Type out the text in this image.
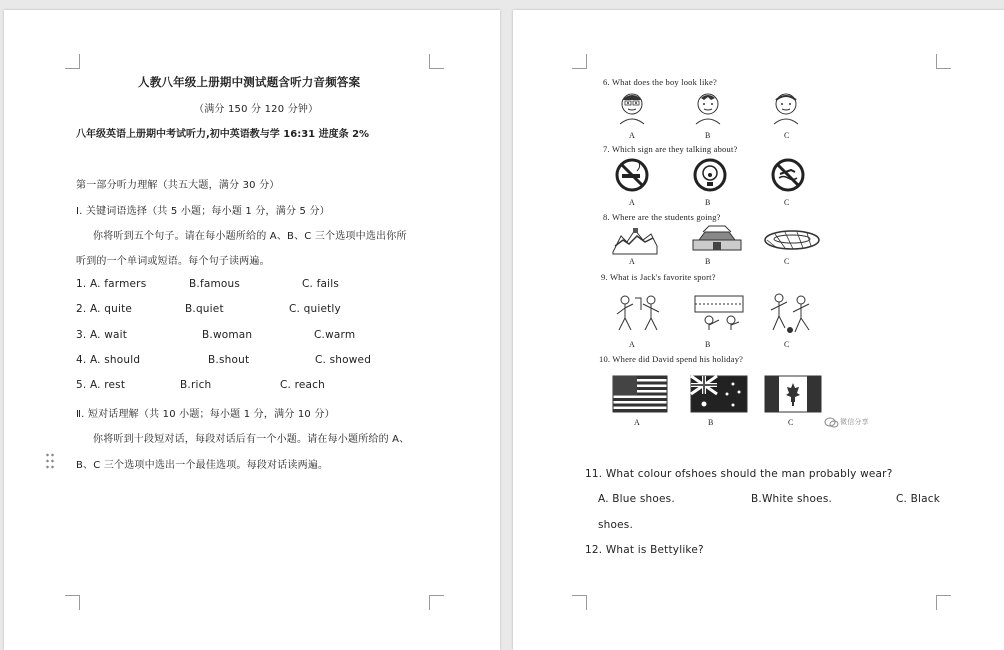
人教八年级上册期中测试题含听力音频答案
（满分 150 分 120 分钟）
八年级英语上册期中考试听力,初中英语教与学 16:31 进度条 2%
第一部分听力理解（共五大题，满分 30 分）
Ⅰ. 关键词语选择（共 5 小题；每小题 1 分，满分 5 分）
你将听到五个句子。请在每小题所给的 A、B、C 三个选项中选出你所
听到的一个单词或短语。每个句子读两遍。
1. A. farmers	B.famous	C. fails
2. A. quite	B.quiet	C. quietly
3. A. wait	B.woman	C.warm
4. A. should	B.shout	C. showed
5. A. rest	B.rich	C. reach
Ⅱ. 短对话理解（共 10 小题；每小题 1 分，满分 10 分）
你将听到十段短对话，每段对话后有一个小题。请在每小题所给的 A、
B、C 三个选项中选出一个最佳选项。每段对话读两遍。
6. What does the boy look like?
A	B	C
7. Which sign are they talking about?
A	B	C
8. Where are the students going?
A	B	C
9. What is Jack's favorite sport?
A	B	C
10. Where did David spend his holiday?
A	B	C	微信分享
11. What colour ofshoes should the man probably wear?
A. Blue shoes.	B.White shoes.	C. Black
shoes.
12. What is Bettylike?
